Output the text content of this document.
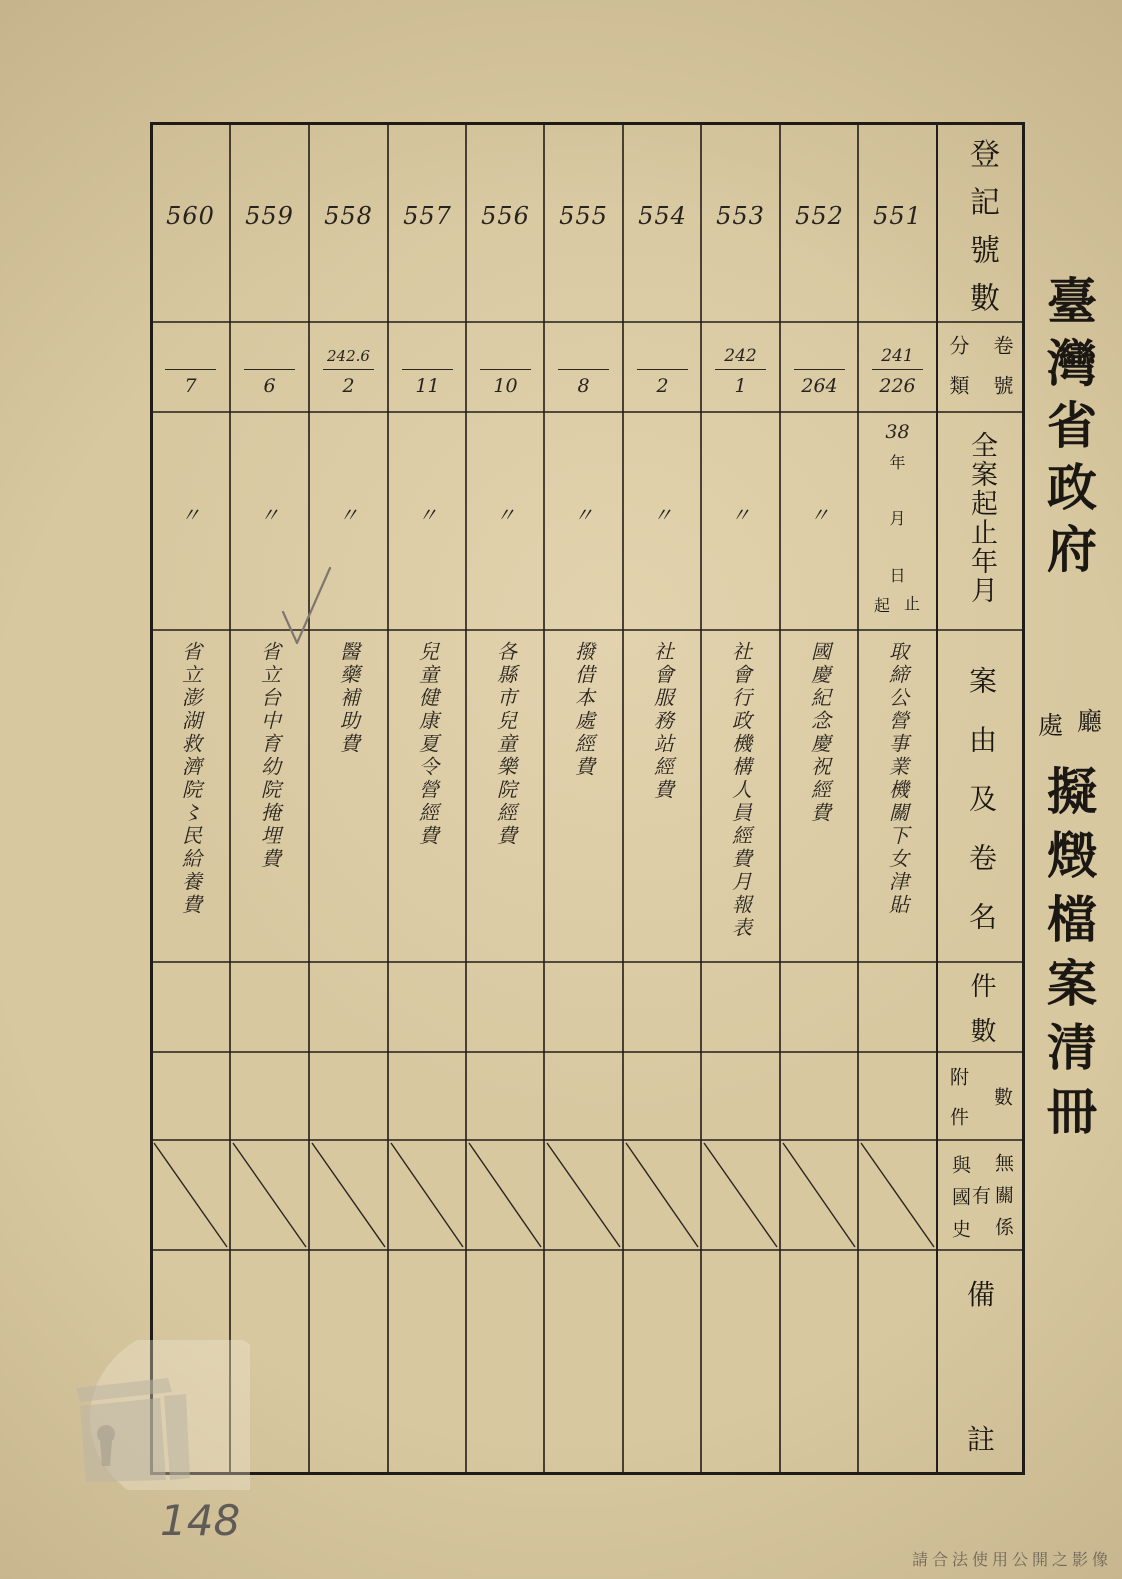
臺灣省政府
廳
處
擬燬檔案清冊
登記號數
卷號
分類
全案起止年月
案由及卷名
件數
附件 數
與國史 有 無關係
備
註
551
241
226
38
年
月
日
起 止
取締公營事業機關下女津貼
552
264
〃
國慶紀念慶祝經費
553
242
1
〃
社會行政機構人員經費月報表
554
2
〃
社會服務站經費
555
8
〃
撥借本處經費
556
10
〃
各縣市兒童樂院經費
557
11
〃
兒童健康夏令營經費
558
242.6
2
〃
醫藥補助費
559
6
〃
省立台中育幼院掩埋費
560
7
〃
省立澎湖救濟院〻民給養費
148
請合法使用公開之影像
